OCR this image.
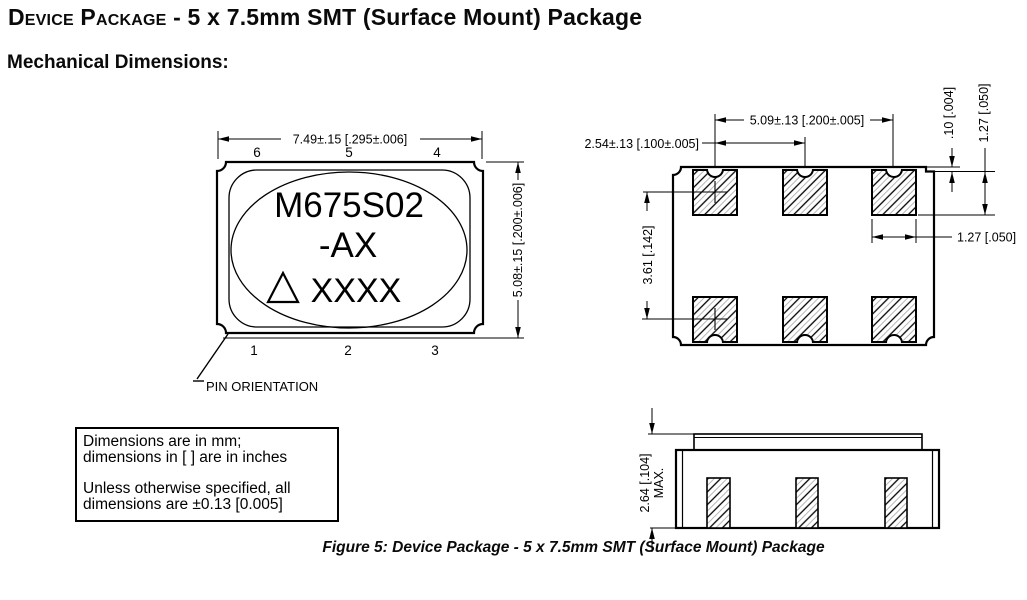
Device Package - 5 x 7.5mm SMT (Surface Mount) Package
Mechanical Dimensions:
M675S02
-AX
XXXX
6	5	4
1	2	3
7.49±.15 [.295±.006]
5.08±.15 [.200±.006]
PIN ORIENTATION
5.09±.13 [.200±.005]
2.54±.13 [.100±.005]
.10 [.004] 1.27 [.050]
3.61 [.142]	1.27 [.050]
2.64 [.104] MAX.

Dimensions are in mm;
dimensions in [ ] are in inches

Unless otherwise specified, all
dimensions are ±0.13 [0.005]

Figure 5: Device Package - 5 x 7.5mm SMT (Surface Mount) Package
